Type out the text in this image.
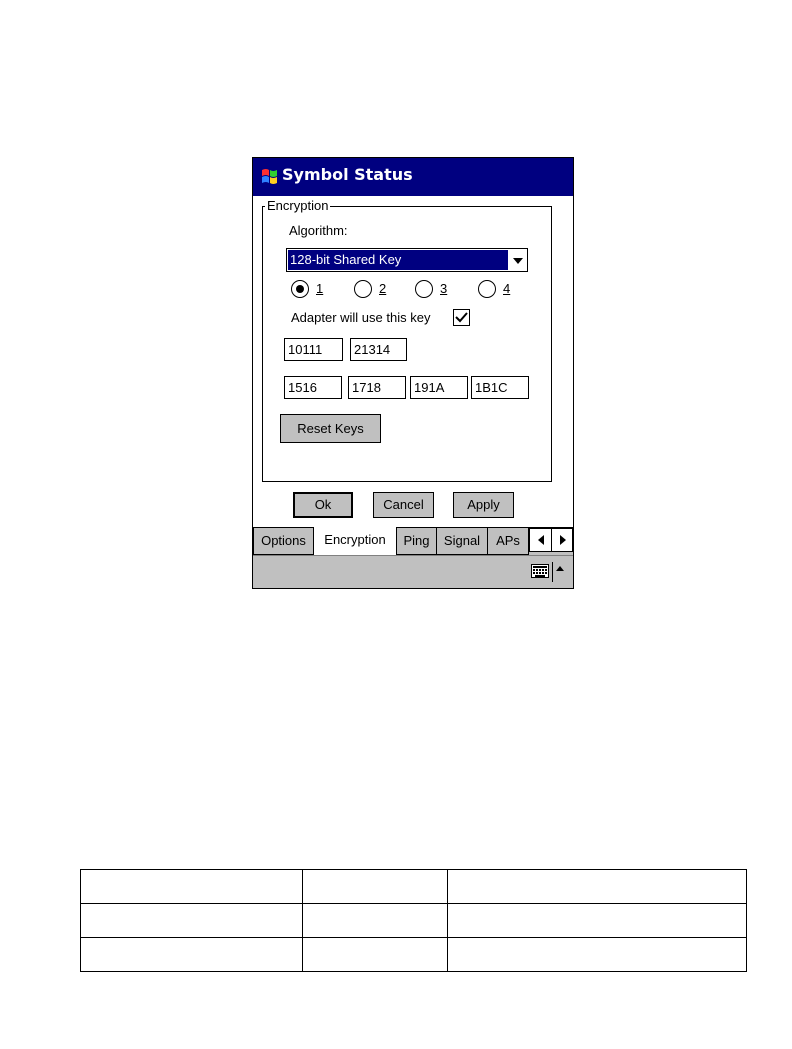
Symbol Status
Encryption
Algorithm:
128-bit Shared Key
1	2	3	4
Adapter will use this key
10111	21314
1516	1718	191A	1B1C
Reset Keys
Ok	Cancel	Apply
Options	Encryption	Ping	Signal	APs
